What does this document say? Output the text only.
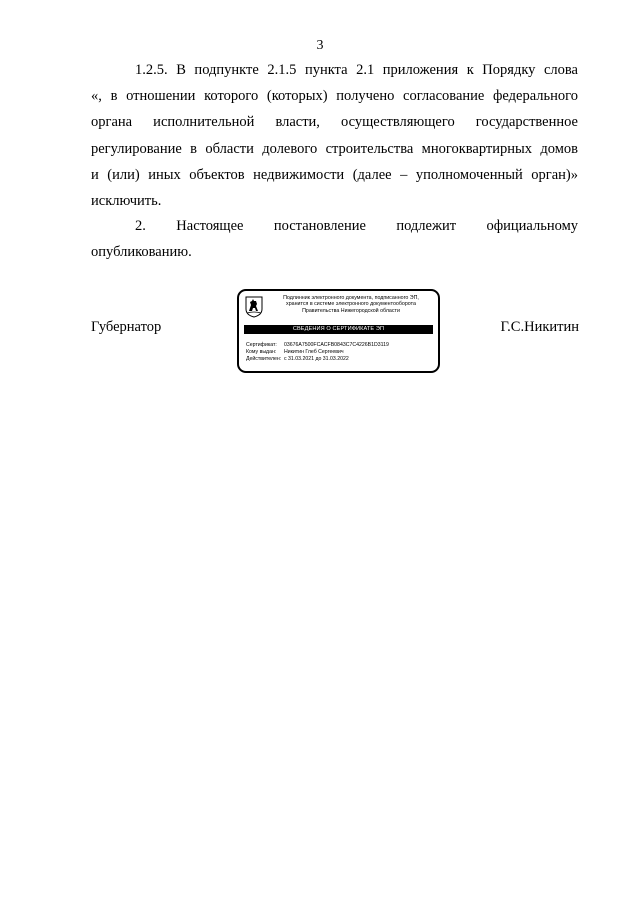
3
1.2.5. В подпункте 2.1.5 пункта 2.1 приложения к Порядку слова
«, в отношении которого (которых) получено согласование федерального
органа исполнительной власти, осуществляющего государственное
регулирование в области долевого строительства многоквартирных домов
и (или) иных объектов недвижимости (далее – уполномоченный орган)»
исключить.
2. Настоящее постановление подлежит официальному
опубликованию.
Губернатор	Г.С.Никитин
Подлинник электронного документа, подписанного ЭП,
хранится в системе электронного документооборота
Правительства Нижегородской области
СВЕДЕНИЯ О СЕРТИФИКАТЕ ЭП
Сертификат: 03676A7500FCACFB0843C7C4226B1D3119
Кому выдан: Никитин Глеб Сергеевич
Действителен: с 31.03.2021 до 31.03.2022
